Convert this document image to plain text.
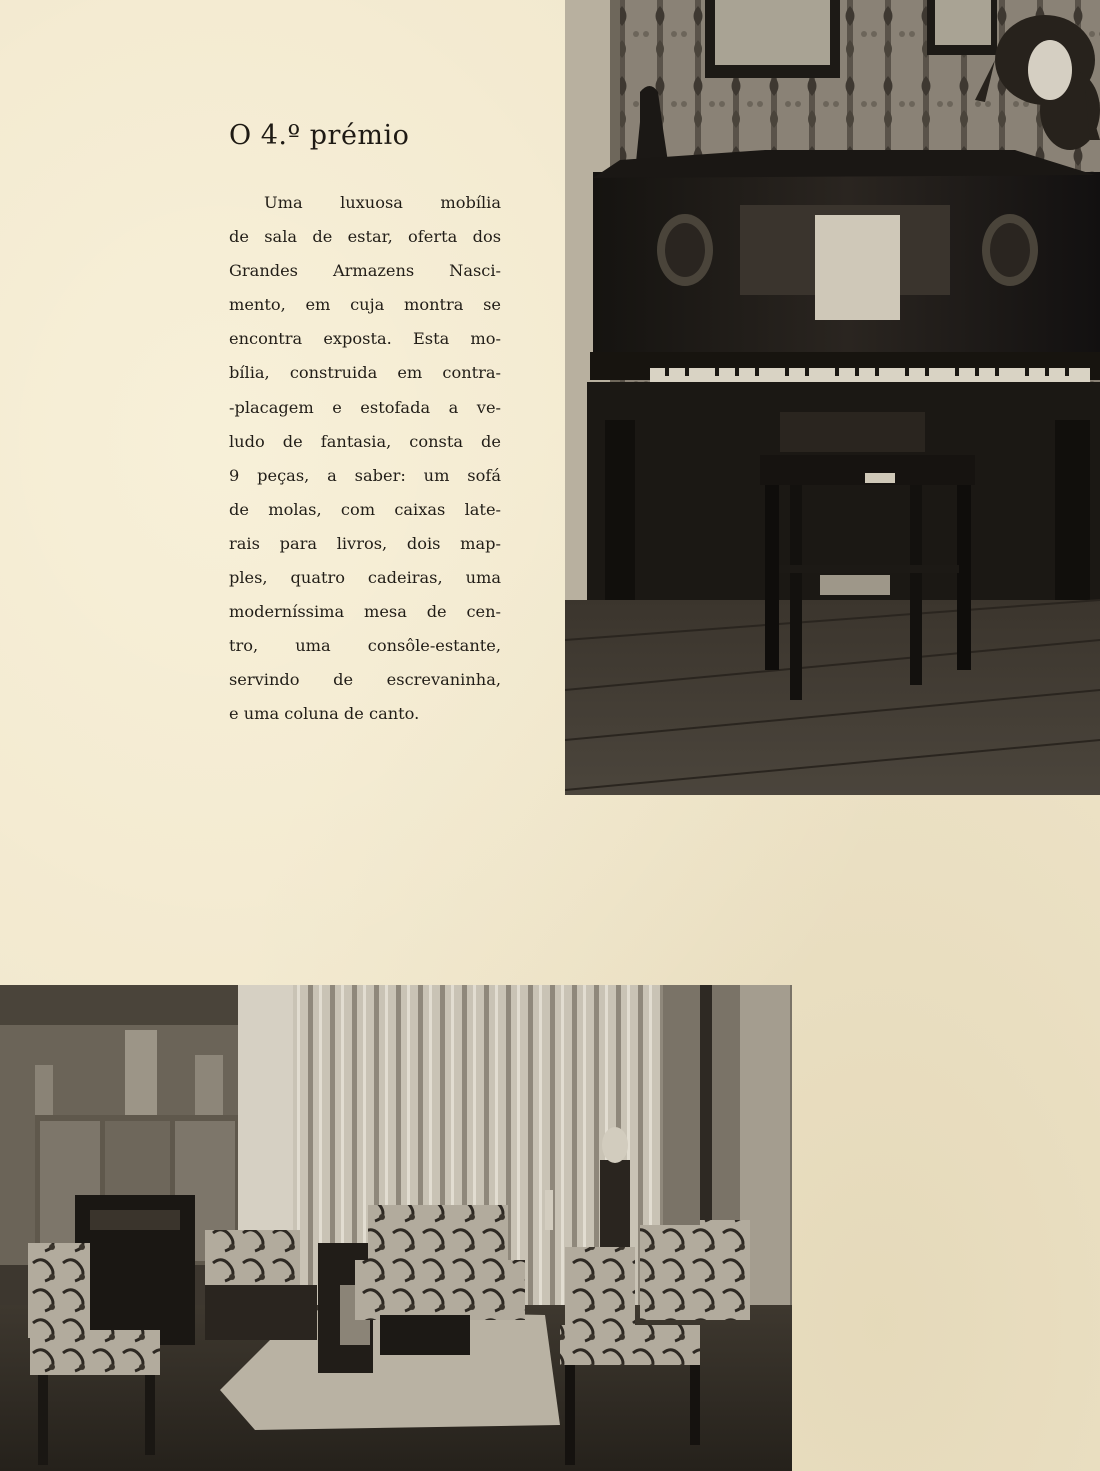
O 4.º prémio
Uma luxuosa mobília
de sala de estar, oferta dos
Grandes Armazens Nasci-
mento, em cuja montra se
encontra exposta. Esta mo-
bília, construida em contra-
-placagem e estofada a ve-
ludo de fantasia, consta de
9 peças, a saber: um sofá
de molas, com caixas late-
rais para livros, dois map-
ples, quatro cadeiras, uma
moderníssima mesa de cen-
tro, uma consôle-estante,
servindo de escrevaninha,
e uma coluna de canto.
